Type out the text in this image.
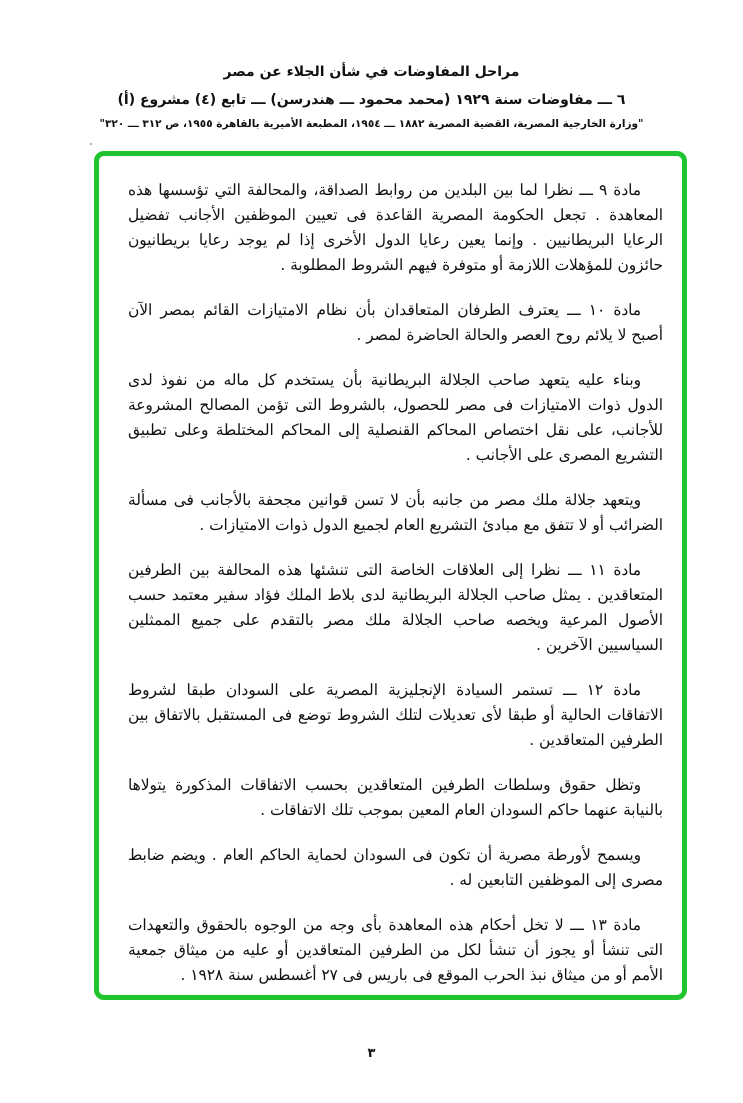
مراحل المفاوضات في شأن الجلاء عن مصر
٦ ـــ مفاوضات سنة ١٩٢٩ (محمد محمود ـــ هندرسن) ـــ تابع (٤) مشروع (أ)
"وزارة الخارجية المصرية، القضية المصرية ١٨٨٢ ـــ ١٩٥٤، المطبعة الأميرية بالقاهرة ١٩٥٥، ص ٣١٢ ـــ ٣٢٠"

مادة ٩ ـــ نظرا لما بين البلدين من روابط الصداقة، والمحالفة التي تؤسسها هذه المعاهدة . تجعل الحكومة المصرية القاعدة فى تعيين الموظفين الأجانب تفضيل الرعايا البريطانيين . وإنما يعين رعايا الدول الأخرى إذا لم يوجد رعايا بريطانيون حائزون للمؤهلات اللازمة أو متوفرة فيهم الشروط المطلوبة .

مادة ١٠ ـــ يعترف الطرفان المتعاقدان بأن نظام الامتيازات القائم بمصر الآن أصبح لا يلائم روح العصر والحالة الحاضرة لمصر .

وبناء عليه يتعهد صاحب الجلالة البريطانية بأن يستخدم كل ماله من نفوذ لدى الدول ذوات الامتيازات فى مصر للحصول، بالشروط التى تؤمن المصالح المشروعة للأجانب، على نقل اختصاص المحاكم القنصلية إلى المحاكم المختلطة وعلى تطبيق التشريع المصرى على الأجانب .

ويتعهد جلالة ملك مصر من جانبه بأن لا تسن قوانين مجحفة بالأجانب فى مسألة الضرائب أو لا تتفق مع مبادئ التشريع العام لجميع الدول ذوات الامتيازات .

مادة ١١ ـــ نظرا إلى العلاقات الخاصة التى تنشئها هذه المحالفة بين الطرفين المتعاقدين . يمثل صاحب الجلالة البريطانية لدى بلاط الملك فؤاد سفير معتمد حسب الأصول المرعية ويخصه صاحب الجلالة ملك مصر بالتقدم على جميع الممثلين السياسيين الآخرين .

مادة ١٢ ـــ تستمر السيادة الإنجليزية المصرية على السودان طبقا لشروط الاتفاقات الحالية أو طبقا لأى تعديلات لتلك الشروط توضع فى المستقبل بالاتفاق بين الطرفين المتعاقدين .

وتظل حقوق وسلطات الطرفين المتعاقدين بحسب الاتفاقات المذكورة يتولاها بالنيابة عنهما حاكم السودان العام المعين بموجب تلك الاتفاقات .

ويسمح لأورطة مصرية أن تكون فى السودان لحماية الحاكم العام . ويضم ضابط مصرى إلى الموظفين التابعين له .

مادة ١٣ ـــ لا تخل أحكام هذه المعاهدة بأى وجه من الوجوه بالحقوق والتعهدات التى تنشأ أو يجوز أن تنشأ لكل من الطرفين المتعاقدين أو عليه من ميثاق جمعية الأمم أو من ميثاق نبذ الحرب الموقع فى باريس فى ٢٧ أغسطس سنة ١٩٢٨ .

٣
